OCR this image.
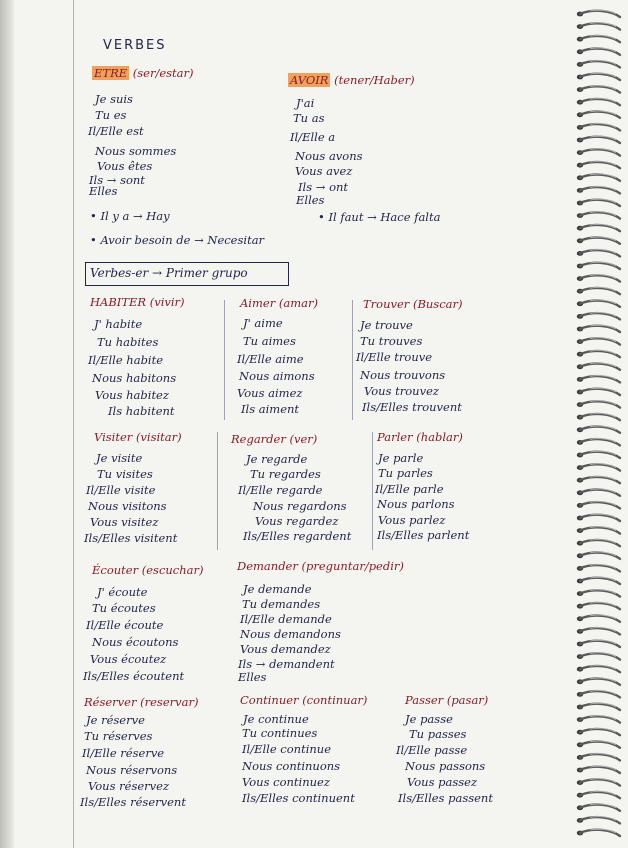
VERBES
ETRE (ser/estar)
Je suis
Tu es
Il/Elle est
Nous sommes
Vous êtes
Ils → sont
Elles
AVOIR (tener/Haber)
J'ai
Tu as
Il/Elle a
Nous avons
Vous avez
Ils → ont
Elles
• Il y a → Hay
• Avoir besoin de → Necesitar
• Il faut → Hace falta
Verbes-er → Primer grupo
HABITER (vivir)
J' habite
Tu habites
Il/Elle habite
Nous habitons
Vous habitez
Ils habitent
Aimer (amar)
J' aime
Tu aimes
Il/Elle aime
Nous aimons
Vous aimez
Ils aiment
Trouver (Buscar)
Je trouve
Tu trouves
Il/Elle trouve
Nous trouvons
Vous trouvez
Ils/Elles trouvent
Visiter (visitar)
Je visite
Tu visites
Il/Elle visite
Nous visitons
Vous visitez
Ils/Elles visitent
Regarder (ver)
Je regarde
Tu regardes
Il/Elle regarde
Nous regardons
Vous regardez
Ils/Elles regardent
Parler (hablar)
Je parle
Tu parles
Il/Elle parle
Nous parlons
Vous parlez
Ils/Elles parlent
Écouter (escuchar)
J' écoute
Tu écoutes
Il/Elle écoute
Nous écoutons
Vous écoutez
Ils/Elles écoutent
Demander (preguntar/pedir)
Je demande
Tu demandes
Il/Elle demande
Nous demandons
Vous demandez
Ils → demandent
Elles
Réserver (reservar)
Je réserve
Tu réserves
Il/Elle réserve
Nous réservons
Vous réservez
Ils/Elles réservent
Continuer (continuar)
Je continue
Tu continues
Il/Elle continue
Nous continuons
Vous continuez
Ils/Elles continuent
Passer (pasar)
Je passe
Tu passes
Il/Elle passe
Nous passons
Vous passez
Ils/Elles passent
